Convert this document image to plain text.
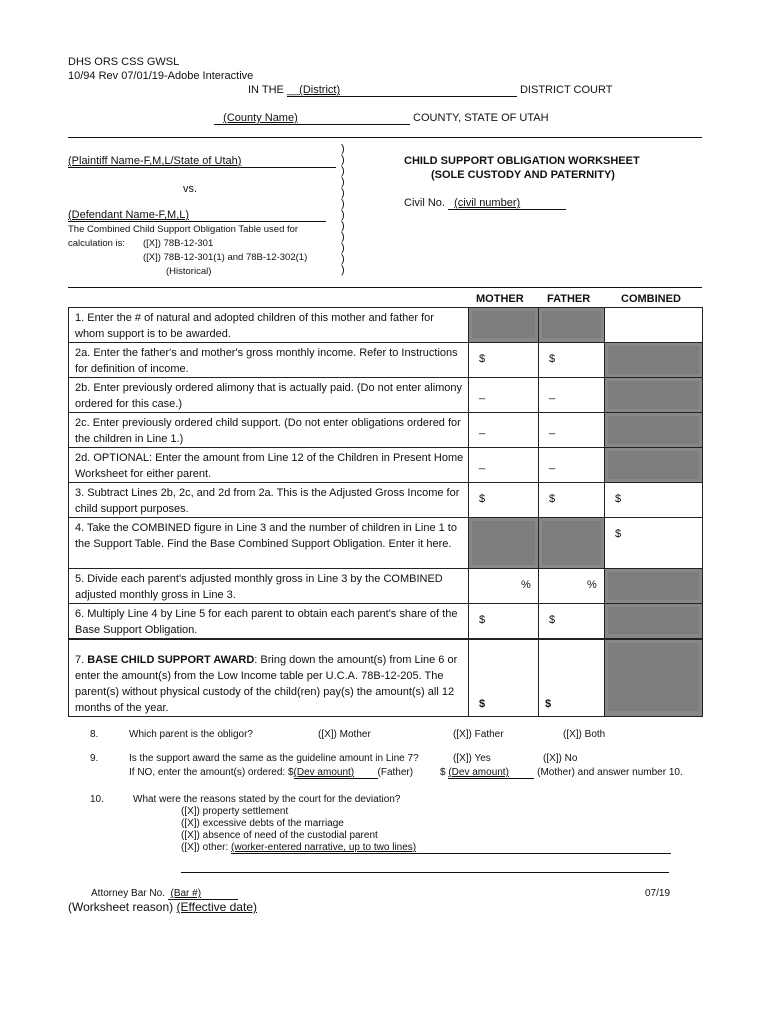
DHS ORS CSS GWSL
10/94 Rev 07/01/19-Adobe Interactive
IN THE __(District)	DISTRICT COURT
(County Name)	COUNTY, STATE OF UTAH
)
)
)
)
)
)
)
)
)
)
)
)
(Plaintiff Name-F,M,L/State of Utah)
vs.
(Defendant Name-F,M,L)
The Combined Child Support Obligation Table used for
calculation is: ([X]) 78B-12-301
([X]) 78B-12-301(1) and 78B-12-302(1)
(Historical)
CHILD SUPPORT OBLIGATION WORKSHEET
(SOLE CUSTODY AND PATERNITY)
Civil No. (civil number)
MOTHER FATHER	COMBINED
1. Enter the # of natural and adopted children of this mother and father for whom support is to be awarded.	

2a. Enter the father's and mother's gross monthly income. Refer to Instructions for definition of income.	$	$	

2b. Enter previously ordered alimony that is actually paid. (Do not enter alimony ordered for this case.)	_	_	

2c. Enter previously ordered child support. (Do not enter obligations ordered for the children in Line 1.)	_	_	

2d. OPTIONAL: Enter the amount from Line 12 of the Children in Present Home Worksheet for either parent.	_	_	

3. Subtract Lines 2b, 2c, and 2d from 2a. This is the Adjusted Gross Income for child support purposes.	$	$	$
4. Take the COMBINED figure in Line 3 and the number of children in Line 1 to the Support Table. Find the Base Combined Support Obligation. Enter it here.			$
5. Divide each parent's adjusted monthly gross in Line 3 by the COMBINED adjusted monthly gross in Line 3.	%	%	

6. Multiply Line 4 by Line 5 for each parent to obtain each parent's share of the Base Support Obligation.	$	$	
7. BASE CHILD SUPPORT AWARD: Bring down the amount(s) from Line 6 or enter the amount(s) from the Low Income table per U.C.A. 78B-12-205. The parent(s) without physical custody of the child(ren) pay(s) the amount(s) all 12 months of the year.	$	$

8.	Which parent is the obligor?	([X]) Mother	([X]) Father	([X]) Both
9.	Is the support award the same as the guideline amount in Line 7?	([X]) Yes	([X]) No
If NO, enter the amount(s) ordered: $(Dev amount) (Father)	$ (Dev amount)	(Mother) and answer number 10.
10.	What were the reasons stated by the court for the deviation?
([X]) property settlement
([X]) excessive debts of the marriage
([X]) absence of need of the custodial parent
([X]) other: (worker-entered narrative, up to two lines)
Attorney Bar No. (Bar #)	07/19
(Worksheet reason) (Effective date)
